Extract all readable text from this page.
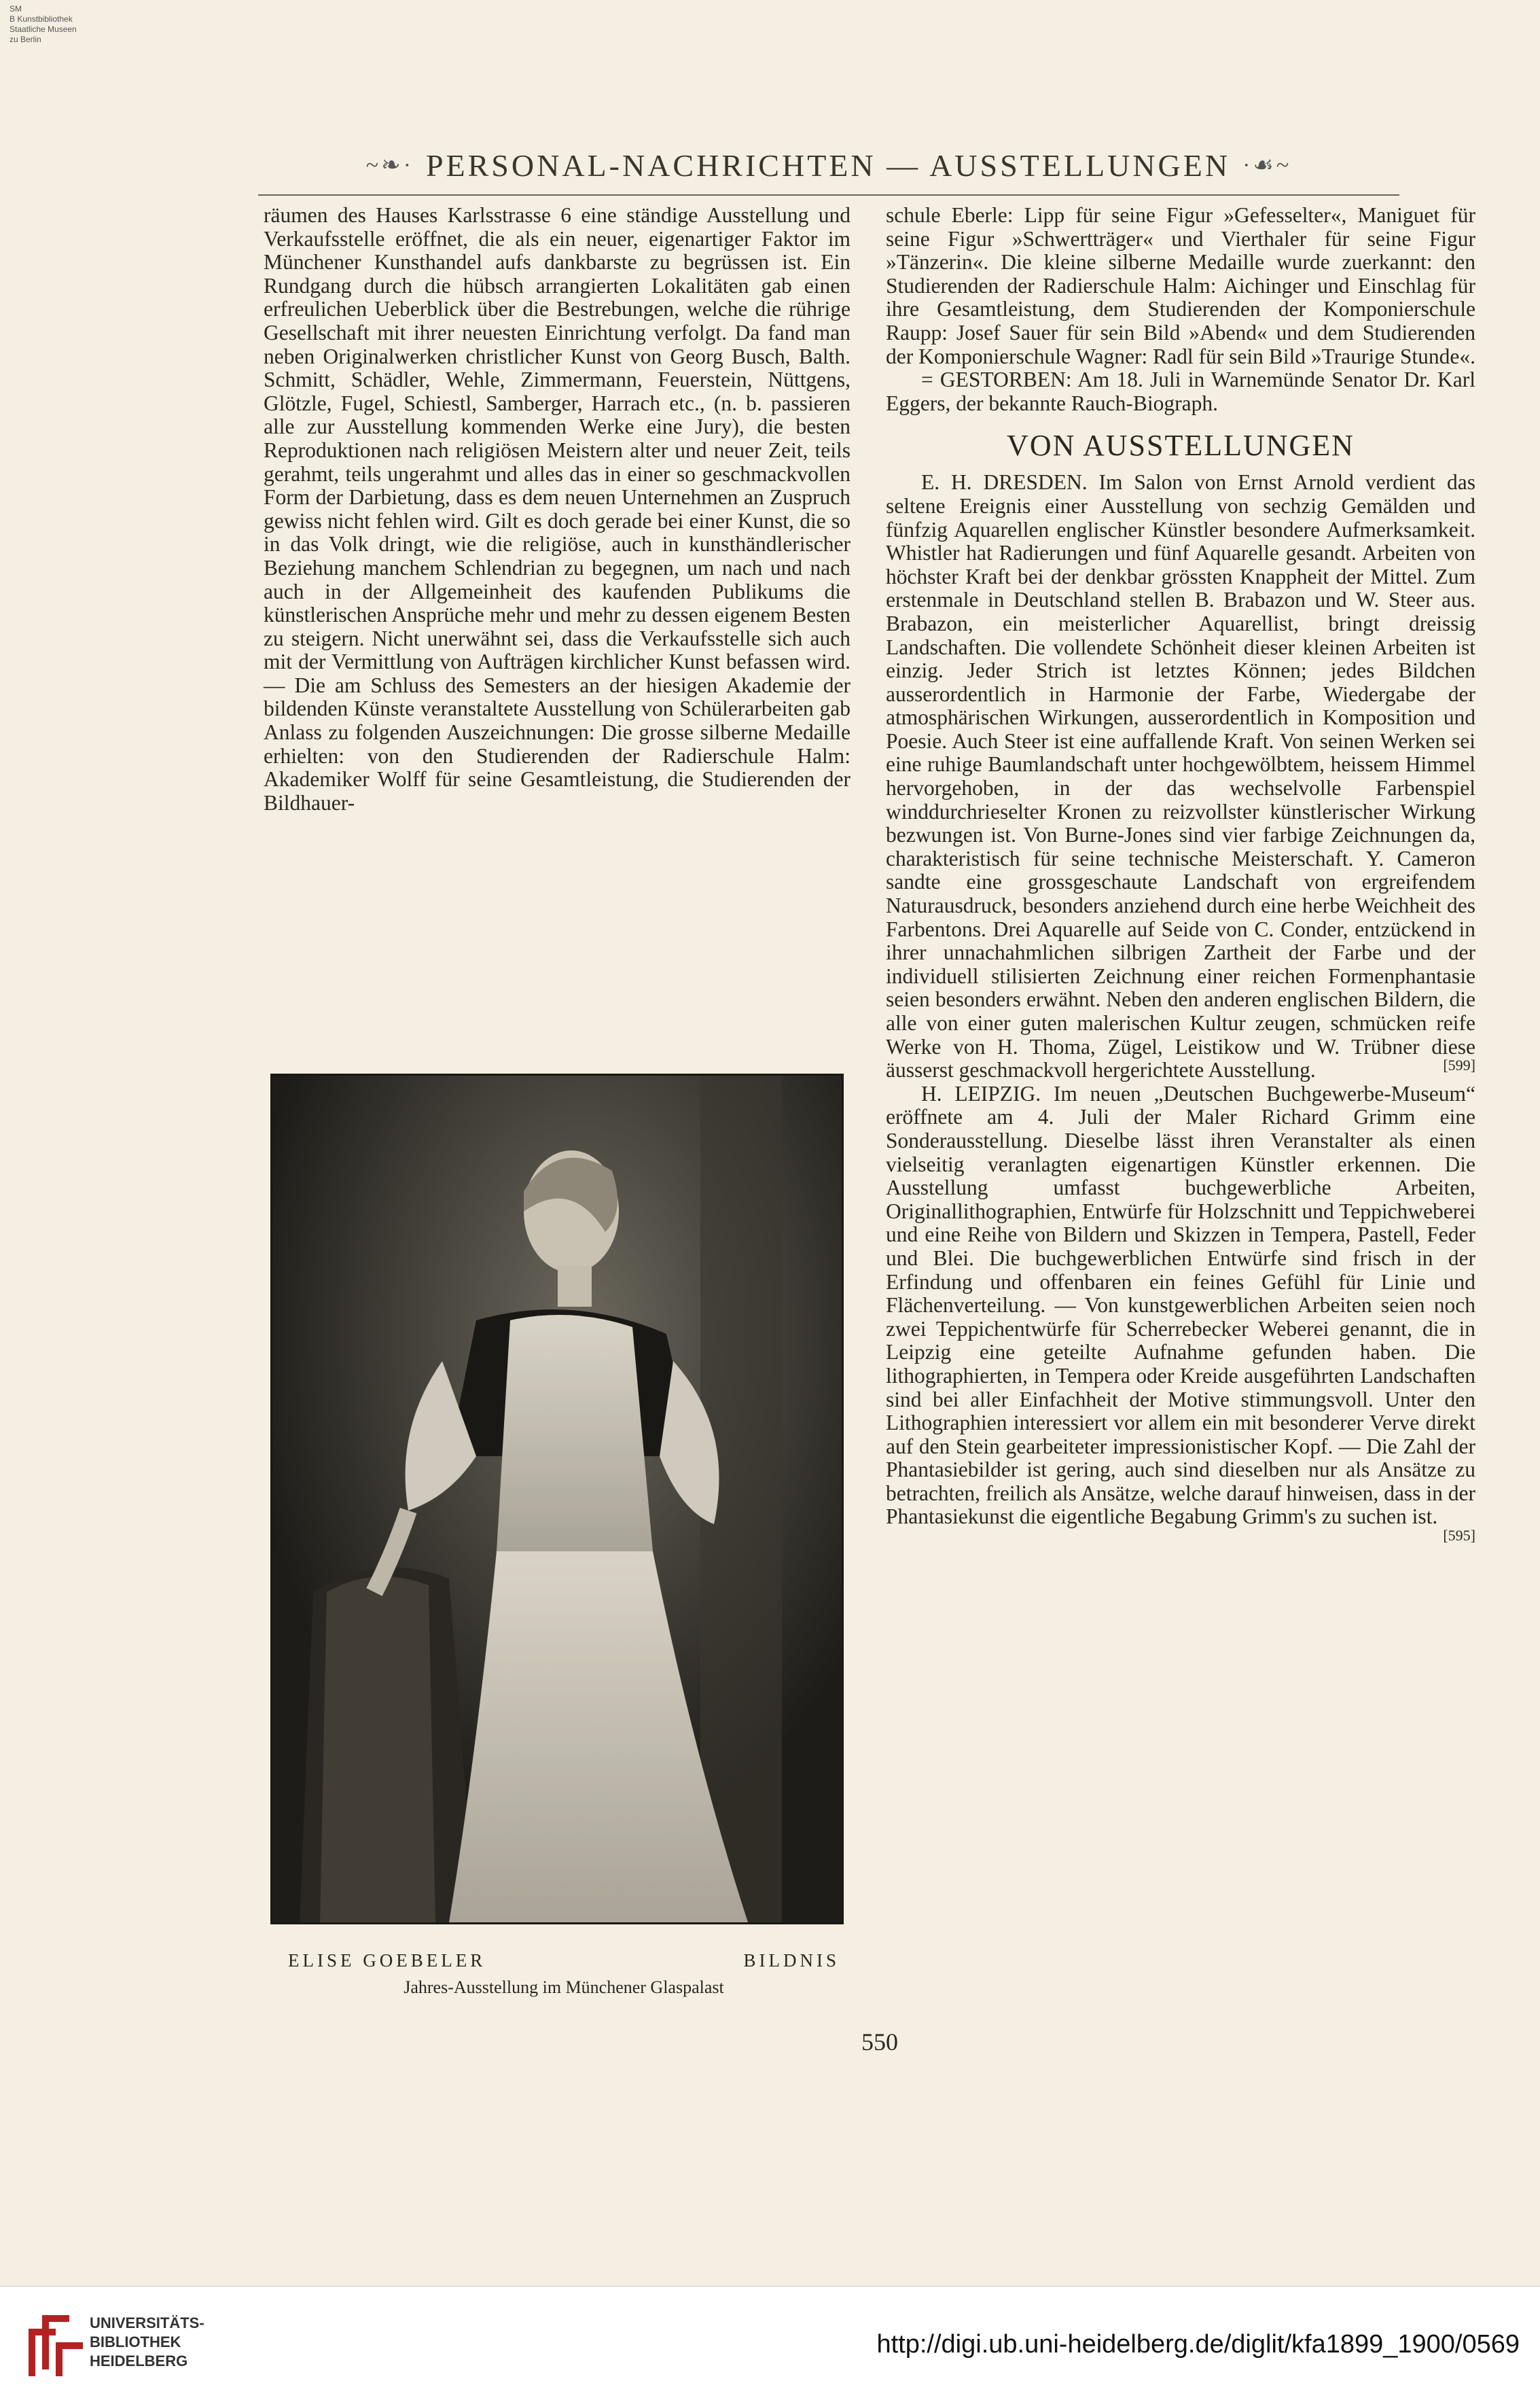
SM
B Kunstbibliothek
Staatliche Museen
zu Berlin
~❧· PERSONAL-NACHRICHTEN — AUSSTELLUNGEN ·☙~

räumen des Hauses Karlsstrasse 6 eine ständige Ausstellung und Verkaufsstelle eröffnet, die als ein neuer, eigenartiger Faktor im Münchener Kunsthandel aufs dankbarste zu begrüssen ist. Ein Rundgang durch die hübsch arrangierten Lokalitäten gab einen erfreulichen Ueberblick über die Bestrebungen, welche die rührige Gesellschaft mit ihrer neuesten Einrichtung verfolgt. Da fand man neben Originalwerken christlicher Kunst von Georg Busch, Balth. Schmitt, Schädler, Wehle, Zimmermann, Feuerstein, Nüttgens, Glötzle, Fugel, Schiestl, Samberger, Harrach etc., (n. b. passieren alle zur Ausstellung kommenden Werke eine Jury), die besten Reproduktionen nach religiösen Meistern alter und neuer Zeit, teils gerahmt, teils ungerahmt und alles das in einer so geschmackvollen Form der Darbietung, dass es dem neuen Unternehmen an Zuspruch gewiss nicht fehlen wird. Gilt es doch gerade bei einer Kunst, die so in das Volk dringt, wie die religiöse, auch in kunsthändlerischer Beziehung manchem Schlendrian zu begegnen, um nach und nach auch in der Allgemeinheit des kaufenden Publikums die künstlerischen Ansprüche mehr und mehr zu dessen eigenem Besten zu steigern. Nicht unerwähnt sei, dass die Verkaufsstelle sich auch mit der Vermittlung von Aufträgen kirchlicher Kunst befassen wird. — Die am Schluss des Semesters an der hiesigen Akademie der bildenden Künste veranstaltete Ausstellung von Schülerarbeiten gab Anlass zu folgenden Auszeichnungen: Die grosse silberne Medaille erhielten: von den Studierenden der Radierschule Halm: Akademiker Wolff für seine Gesamtleistung, die Studierenden der Bildhauer-

schule Eberle: Lipp für seine Figur »Gefesselter«, Maniguet für seine Figur »Schwertträger« und Vierthaler für seine Figur »Tänzerin«. Die kleine silberne Medaille wurde zuerkannt: den Studierenden der Radierschule Halm: Aichinger und Einschlag für ihre Gesamtleistung, dem Studierenden der Komponierschule Raupp: Josef Sauer für sein Bild »Abend« und dem Studierenden der Komponierschule Wagner: Radl für sein Bild »Traurige Stunde«.

= GESTORBEN: Am 18. Juli in Warnemünde Senator Dr. Karl Eggers, der bekannte Rauch-Biograph.

VON AUSSTELLUNGEN

E. H. DRESDEN. Im Salon von Ernst Arnold verdient das seltene Ereignis einer Ausstellung von sechzig Gemälden und fünfzig Aquarellen englischer Künstler besondere Aufmerksamkeit. Whistler hat Radierungen und fünf Aquarelle gesandt. Arbeiten von höchster Kraft bei der denkbar grössten Knappheit der Mittel. Zum erstenmale in Deutschland stellen B. Brabazon und W. Steer aus. Brabazon, ein meisterlicher Aquarellist, bringt dreissig Landschaften. Die vollendete Schönheit dieser kleinen Arbeiten ist einzig. Jeder Strich ist letztes Können; jedes Bildchen ausserordentlich in Harmonie der Farbe, Wiedergabe der atmosphärischen Wirkungen, ausserordentlich in Komposition und Poesie. Auch Steer ist eine auffallende Kraft. Von seinen Werken sei eine ruhige Baumlandschaft unter hochgewölbtem, heissem Himmel hervorgehoben, in der das wechselvolle Farbenspiel winddurchrieselter Kronen zu reizvollster künstlerischer Wirkung bezwungen ist. Von Burne-Jones sind vier farbige Zeichnungen da, charakteristisch für seine technische Meisterschaft. Y. Cameron sandte eine grossgeschaute Landschaft von ergreifendem Naturausdruck, besonders anziehend durch eine herbe Weichheit des Farbentons. Drei Aquarelle auf Seide von C. Conder, entzückend in ihrer unnachahmlichen silbrigen Zartheit der Farbe und der individuell stilisierten Zeichnung einer reichen Formenphantasie seien besonders erwähnt. Neben den anderen englischen Bildern, die alle von einer guten malerischen Kultur zeugen, schmücken reife Werke von H. Thoma, Zügel, Leistikow und W. Trübner diese äusserst geschmackvoll hergerichtete Ausstellung.	[599]

H. LEIPZIG. Im neuen „Deutschen Buchgewerbe-Museum“ eröffnete am 4. Juli der Maler Richard Grimm eine Sonderausstellung. Dieselbe lässt ihren Veranstalter als einen vielseitig veranlagten eigenartigen Künstler erkennen. Die Ausstellung umfasst buchgewerbliche Arbeiten, Originallithographien, Entwürfe für Holzschnitt und Teppichweberei und eine Reihe von Bildern und Skizzen in Tempera, Pastell, Feder und Blei. Die buchgewerblichen Entwürfe sind frisch in der Erfindung und offenbaren ein feines Gefühl für Linie und Flächenverteilung. — Von kunstgewerblichen Arbeiten seien noch zwei Teppichentwürfe für Scherrebecker Weberei genannt, die in Leipzig eine geteilte Aufnahme gefunden haben. Die lithographierten, in Tempera oder Kreide ausgeführten Landschaften sind bei aller Einfachheit der Motive stimmungsvoll. Unter den Lithographien interessiert vor allem ein mit besonderer Verve direkt auf den Stein gearbeiteter impressionistischer Kopf. — Die Zahl der Phantasiebilder ist gering, auch sind dieselben nur als Ansätze zu betrachten, freilich als Ansätze, welche darauf hinweisen, dass in der Phantasiekunst die eigentliche Begabung Grimm's zu suchen ist.
[595]

ELISE GOEBELER	BILDNIS
Jahres-Ausstellung im Münchener Glaspalast
550
UNIVERSITÄTS-
BIBLIOTHEK
HEIDELBERG
http://digi.ub.uni-heidelberg.de/diglit/kfa1899_1900/0569
